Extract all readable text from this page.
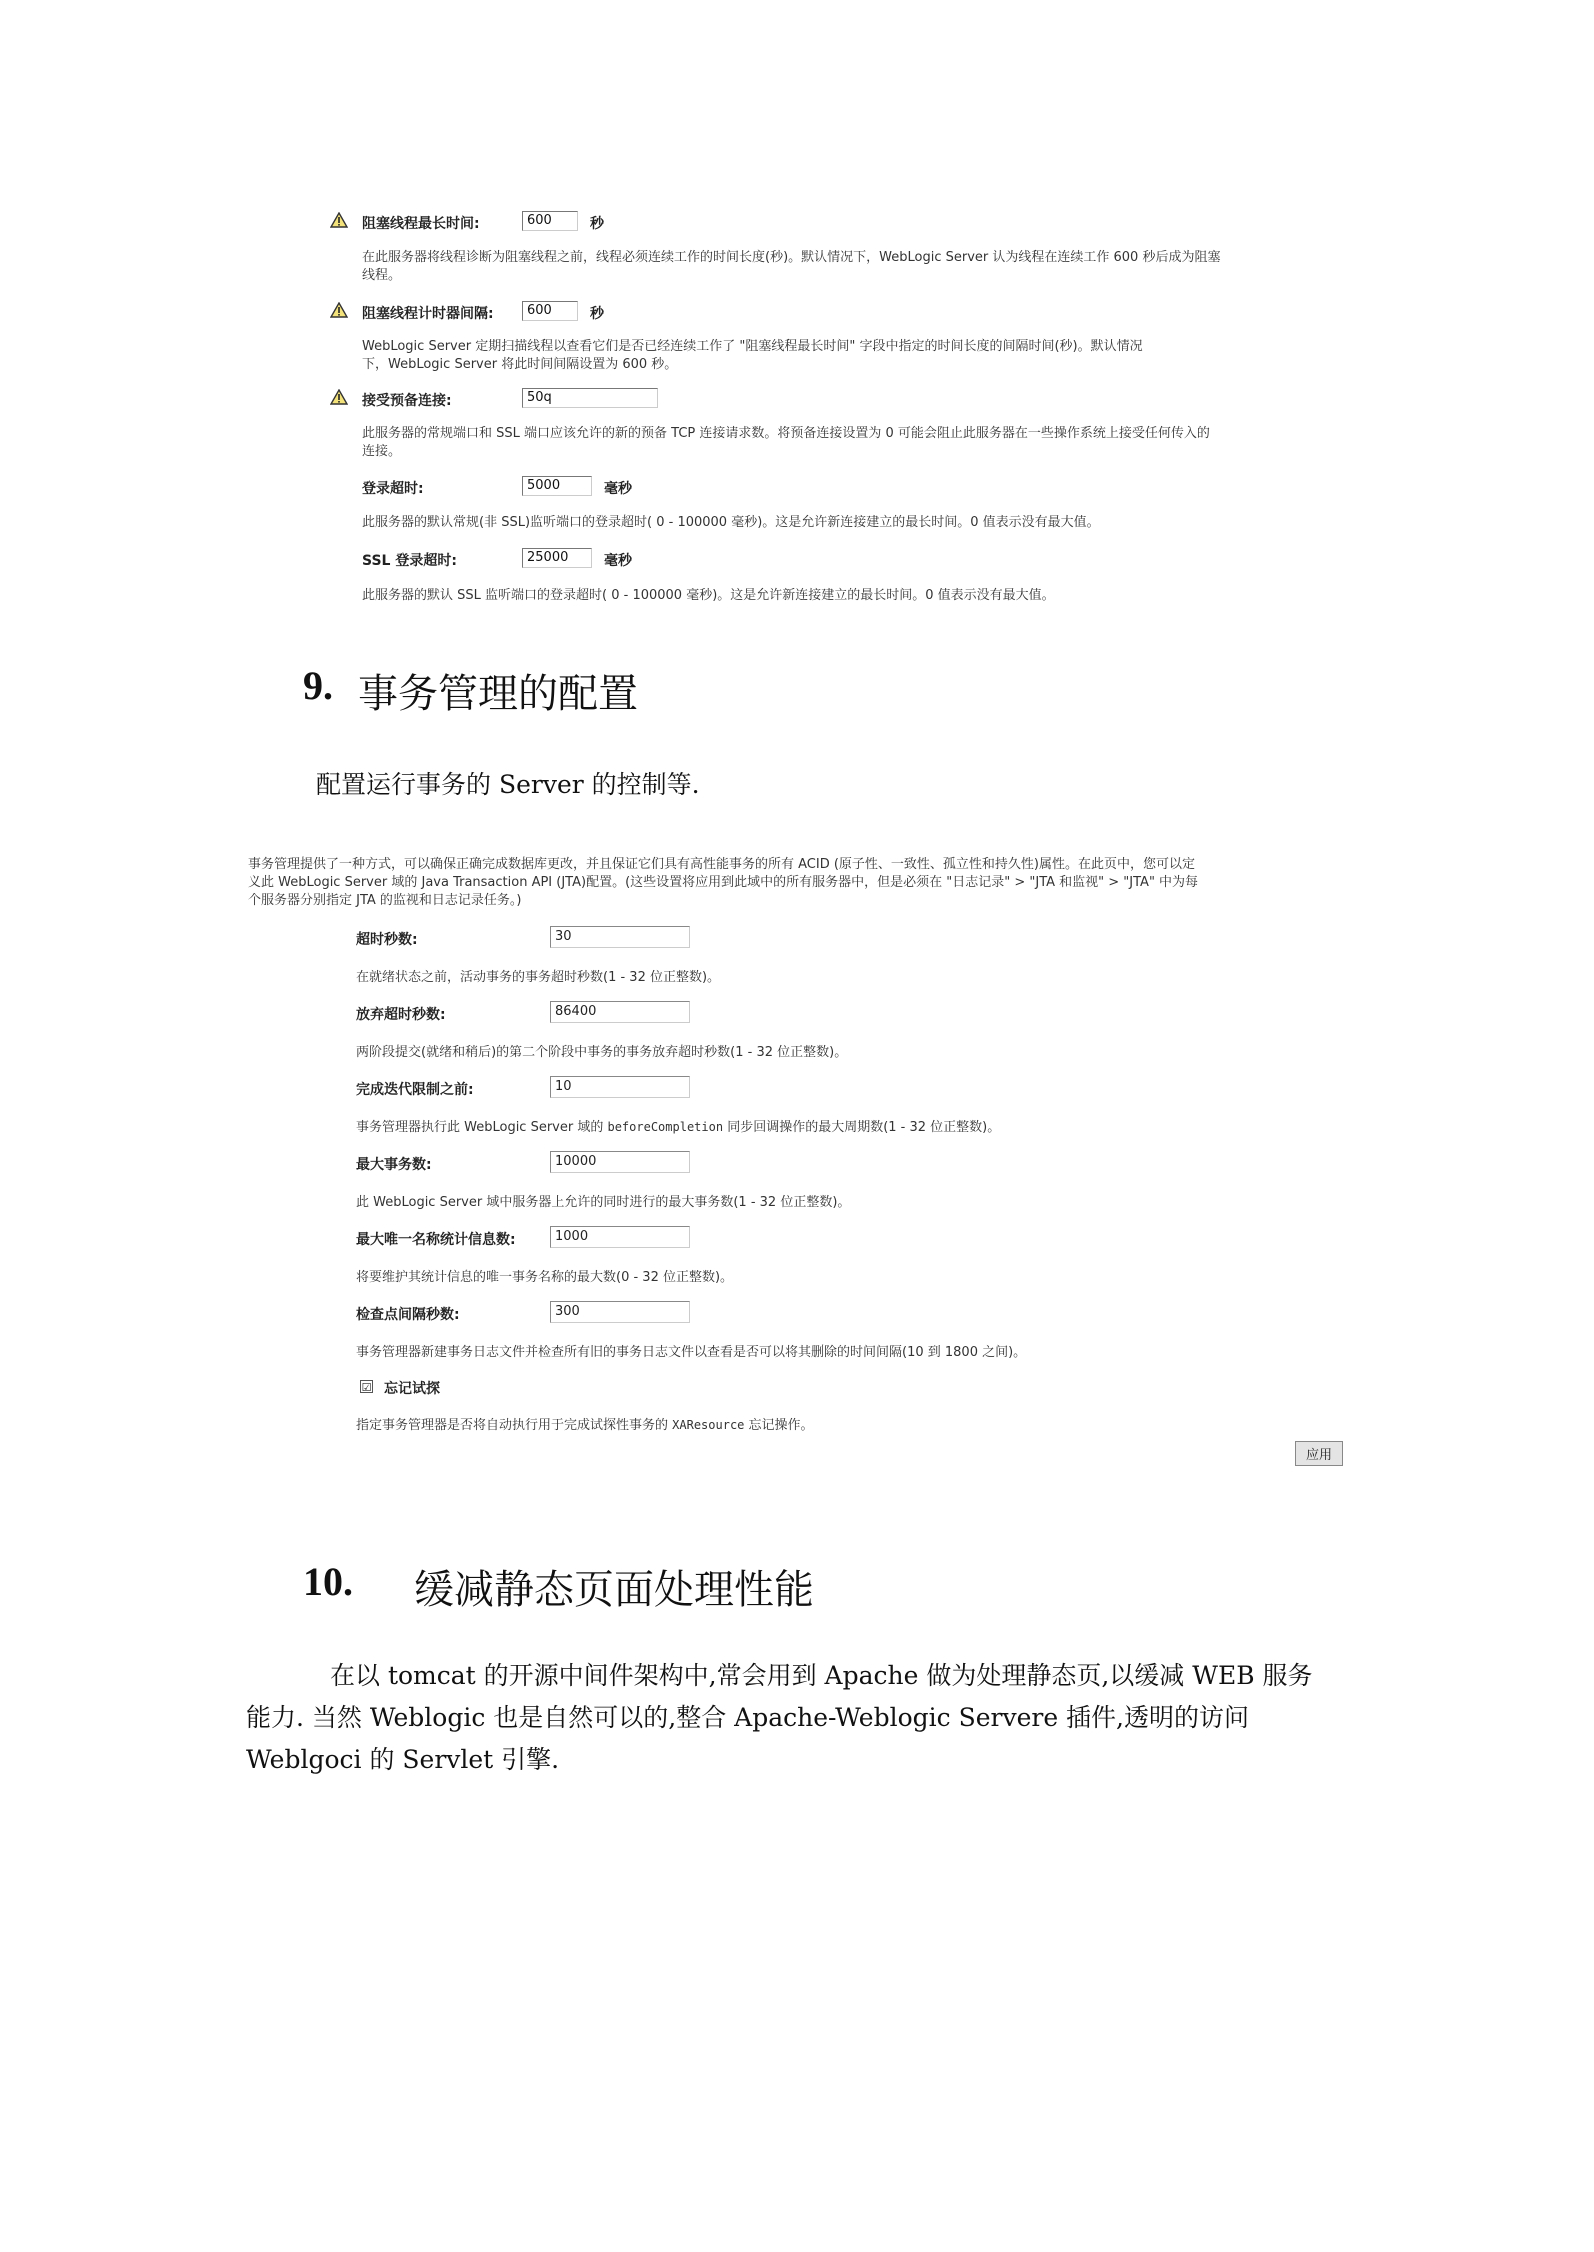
阻塞线程最长时间:	600	秒
在此服务器将线程诊断为阻塞线程之前，线程必须连续工作的时间长度(秒)。默认情况下，WebLogic Server 认为线程在连续工作 600 秒后成为阻塞
线程。
阻塞线程计时器间隔:	600	秒
WebLogic Server 定期扫描线程以查看它们是否已经连续工作了 "阻塞线程最长时间" 字段中指定的时间长度的间隔时间(秒)。默认情况
下，WebLogic Server 将此时间间隔设置为 600 秒。
接受预备连接:	50q
此服务器的常规端口和 SSL 端口应该允许的新的预备 TCP 连接请求数。将预备连接设置为 0 可能会阻止此服务器在一些操作系统上接受任何传入的
连接。
登录超时:	5000	毫秒
此服务器的默认常规(非 SSL)监听端口的登录超时( 0 - 100000 毫秒)。这是允许新连接建立的最长时间。0 值表示没有最大值。
SSL 登录超时:	25000	毫秒
此服务器的默认 SSL 监听端口的登录超时( 0 - 100000 毫秒)。这是允许新连接建立的最长时间。0 值表示没有最大值。
9. 事务管理的配置
配置运行事务的 Server 的控制等.
事务管理提供了一种方式，可以确保正确完成数据库更改，并且保证它们具有高性能事务的所有 ACID (原子性、一致性、孤立性和持久性)属性。在此页中，您可以定
义此 WebLogic Server 域的 Java Transaction API (JTA)配置。(这些设置将应用到此域中的所有服务器中，但是必须在 "日志记录" > "JTA 和监视" > "JTA" 中为每
个服务器分别指定 JTA 的监视和日志记录任务。)
超时秒数:	30
在就绪状态之前，活动事务的事务超时秒数(1 - 32 位正整数)。
放弃超时秒数:	86400
两阶段提交(就绪和稍后)的第二个阶段中事务的事务放弃超时秒数(1 - 32 位正整数)。
完成迭代限制之前:	10
事务管理器执行此 WebLogic Server 域的 beforeCompletion 同步回调操作的最大周期数(1 - 32 位正整数)。
最大事务数:	10000
此 WebLogic Server 域中服务器上允许的同时进行的最大事务数(1 - 32 位正整数)。
最大唯一名称统计信息数:	1000
将要维护其统计信息的唯一事务名称的最大数(0 - 32 位正整数)。
检查点间隔秒数:	300
事务管理器新建事务日志文件并检查所有旧的事务日志文件以查看是否可以将其删除的时间间隔(10 到 1800 之间)。
☑ 忘记试探
指定事务管理器是否将自动执行用于完成试探性事务的 XAResource 忘记操作。
应用
10. 缓减静态页面处理性能
在以 tomcat 的开源中间件架构中,常会用到 Apache 做为处理静态页,以缓减 WEB 服务
能力. 当然 Weblogic 也是自然可以的,整合 Apache-Weblogic Servere 插件,透明的访问
Weblgoci 的 Servlet 引擎.
